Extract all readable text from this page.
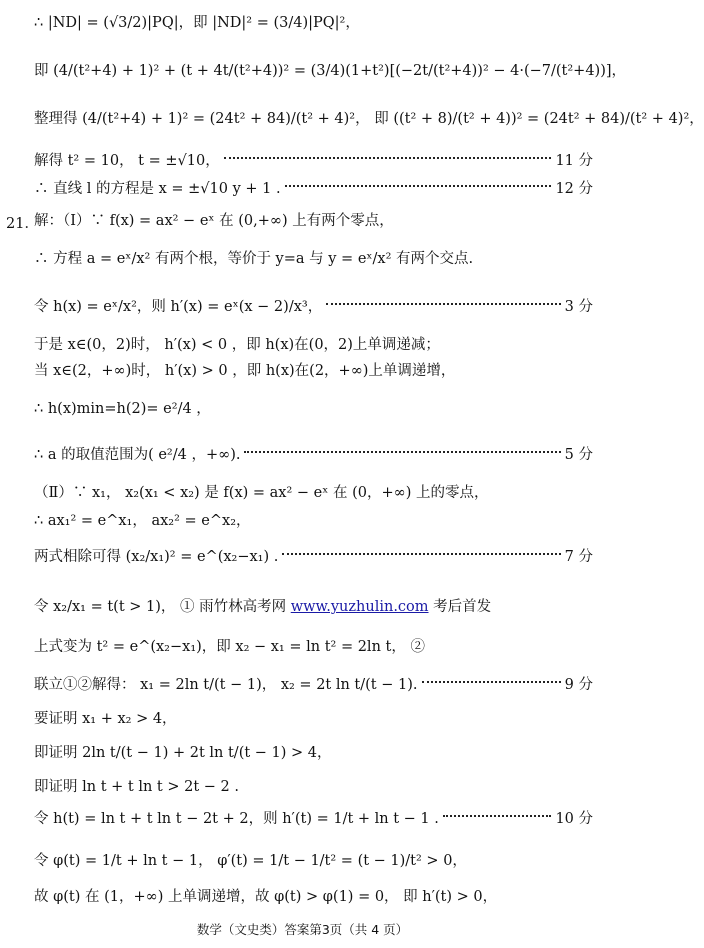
∴ |ND| = (√3/2)|PQ|，即 |ND|² = (3/4)|PQ|²，
即 (4/(t²+4) + 1)² + (t + 4t/(t²+4))² = (3/4)(1+t²)[(−2t/(t²+4))² − 4·(−7/(t²+4))]，
整理得 (4/(t²+4) + 1)² = (24t² + 84)/(t² + 4)²， 即 ((t² + 8)/(t² + 4))² = (24t² + 84)/(t² + 4)²，
解得 t² = 10， t = ±√10，	11 分
∴ 直线 l 的方程是 x = ±√10 y + 1 .	12 分
21．
解：（Ⅰ）∵ f(x) = ax² − eˣ 在 (0,+∞) 上有两个零点，
∴ 方程 a = eˣ/x² 有两个根，等价于 y=a 与 y = eˣ/x² 有两个交点.
令 h(x) = eˣ/x²，则 h′(x) = eˣ(x − 2)/x³，	3 分
于是 x∈(0，2)时， h′(x) < 0 ，即 h(x)在(0，2)上单调递减；
当 x∈(2，+∞)时， h′(x) > 0 ，即 h(x)在(2，+∞)上单调递增，
∴ h(x)min=h(2)= e²/4 ，
∴ a 的取值范围为( e²/4 ，+∞).	5 分
（Ⅱ）∵ x₁， x₂(x₁ < x₂) 是 f(x) = ax² − eˣ 在 (0，+∞) 上的零点，
∴ ax₁² = e^x₁， ax₂² = e^x₂，
两式相除可得 (x₂/x₁)² = e^(x₂−x₁) .	7 分
令 x₂/x₁ = t(t > 1)， ① 雨竹林高考网 www.yuzhulin.com 考后首发
上式变为 t² = e^(x₂−x₁)，即 x₂ − x₁ = ln t² = 2ln t， ②
联立①②解得： x₁ = 2ln t/(t − 1)， x₂ = 2t ln t/(t − 1).	9 分
要证明 x₁ + x₂ > 4，
即证明 2ln t/(t − 1) + 2t ln t/(t − 1) > 4，
即证明 ln t + t ln t > 2t − 2 .
令 h(t) = ln t + t ln t − 2t + 2，则 h′(t) = 1/t + ln t − 1 .	10 分
令 φ(t) = 1/t + ln t − 1， φ′(t) = 1/t − 1/t² = (t − 1)/t² > 0，
故 φ(t) 在 (1，+∞) 上单调递增，故 φ(t) > φ(1) = 0， 即 h′(t) > 0，
数学（文史类）答案第3页（共 4 页）
